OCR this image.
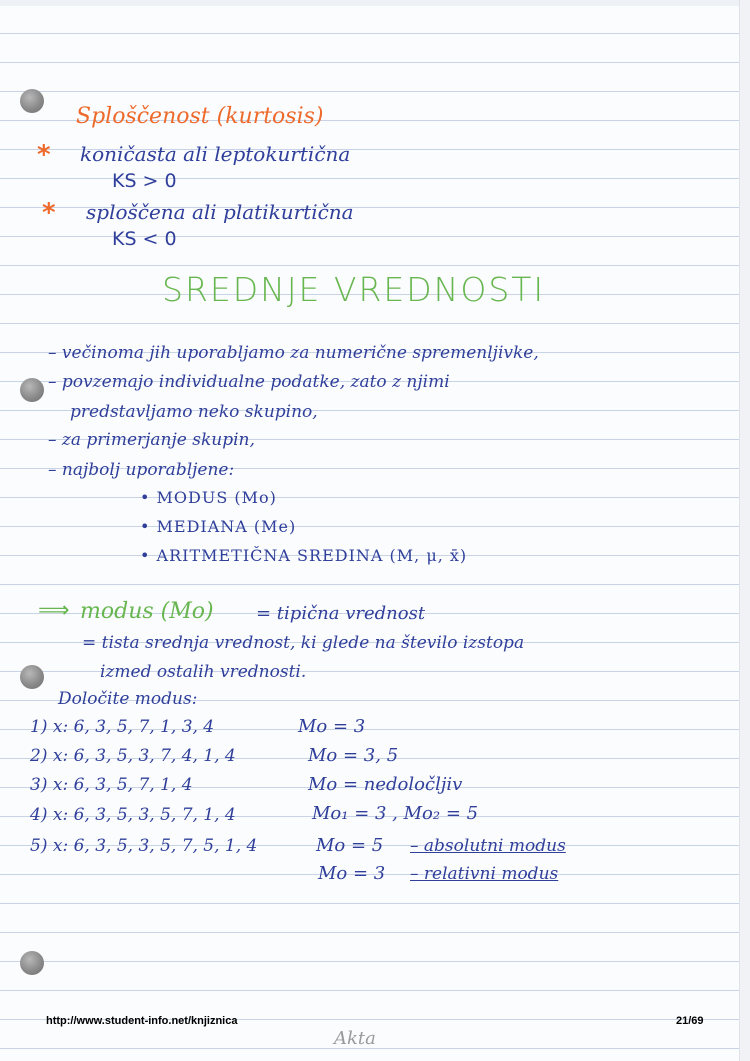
Sploščenost (kurtosis)
* koničasta ali leptokurtična
KS > 0
* sploščena ali platikurtična
KS < 0
SREDNJE VREDNOSTI
– večinoma jih uporabljamo za numerične spremenljivke,
– povzemajo individualne podatke, zato z njimi
predstavljamo neko skupino,
– za primerjanje skupin,
– najbolj uporabljene:
• MODUS (Mo)
• MEDIANA (Me)
• ARITMETIČNA SREDINA (M, μ, x̄)
⟹ modus (Mo) = tipična vrednost
= tista srednja vrednost, ki glede na število izstopa
izmed ostalih vrednosti.
Določite modus:
1) x: 6, 3, 5, 7, 1, 3, 4	Mo = 3
2) x: 6, 3, 5, 3, 7, 4, 1, 4	Mo = 3, 5
3) x: 6, 3, 5, 7, 1, 4	Mo = nedoločljiv
4) x: 6, 3, 5, 3, 5, 7, 1, 4	Mo₁ = 3 , Mo₂ = 5
5) x: 6, 3, 5, 3, 5, 7, 5, 1, 4	Mo = 5 – absolutni modus
Mo = 3 – relativni modus
http://www.student-info.net/knjiznica	21/69
Akta
